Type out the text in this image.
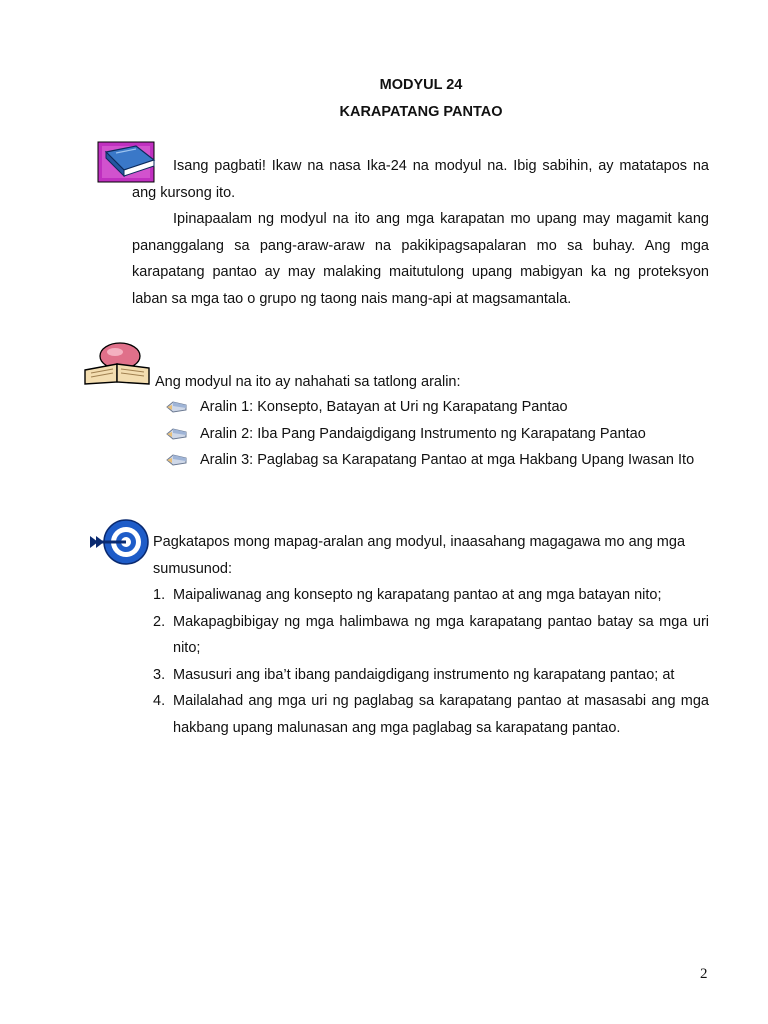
MODYUL 24
KARAPATANG PANTAO

Isang pagbati! Ikaw na nasa Ika-24 na modyul na. Ibig sabihin, ay matatapos na ang kursong ito.

Ipinapaalam ng modyul na ito ang mga karapatan mo upang may magamit kang pananggalang sa pang-araw-araw na pakikipagsapalaran mo sa buhay. Ang mga karapatang pantao ay may malaking maitutulong upang mabigyan ka ng proteksyon laban sa mga tao o grupo ng taong nais mang-api at magsamantala.

Ang modyul na ito ay nahahati sa tatlong aralin:

Aralin 1: Konsepto, Batayan at Uri ng Karapatang Pantao
Aralin 2: Iba Pang Pandaigdigang Instrumento ng Karapatang Pantao
Aralin 3: Paglabag sa Karapatang Pantao at mga Hakbang Upang Iwasan Ito

Pagkatapos mong mapag-aralan ang modyul, inaasahang magagawa mo ang mga sumusunod:

1. Maipaliwanag ang konsepto ng karapatang pantao at ang mga batayan nito;
2. Makapagbibigay ng mga halimbawa ng mga karapatang pantao batay sa mga uri nito;
3. Masusuri ang iba’t ibang pandaigdigang instrumento ng karapatang pantao; at
4. Mailalahad ang mga uri ng paglabag sa karapatang pantao at masasabi ang mga hakbang upang malunasan ang mga paglabag sa karapatang pantao.
2
